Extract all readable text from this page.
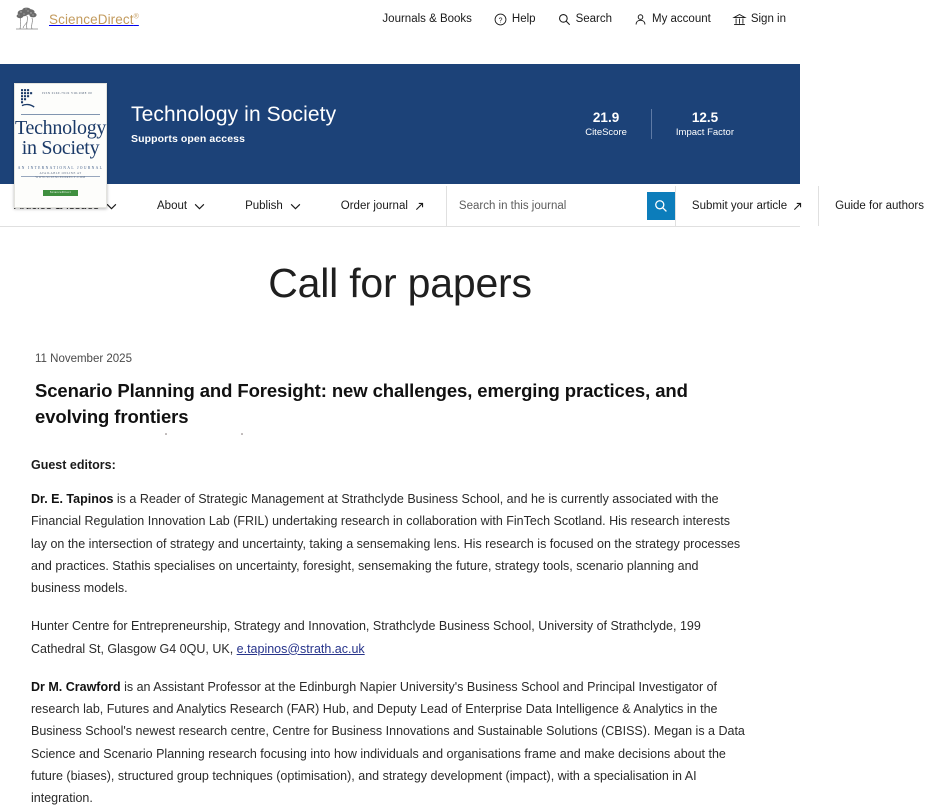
ScienceDirect®	Journals & Books	? Help	Search	My account	Sign in
ISSN 0160-791X VOLUME 00
Technology
in Society
AN INTERNATIONAL JOURNAL
AVAILABLE ONLINE AT WWW.SCIENCEDIRECT.COM
ScienceDirect
Technology in Society
Supports open access
21.9
CiteScore
12.5
Impact Factor
About	Publish	Order journal
Search in this journal	Submit your article	Guide for authors
Call for papers
11 November 2025
Scenario Planning and Foresight: new challenges, emerging practices, and evolving frontiers
Guest editors:

Dr. E. Tapinos is a Reader of Strategic Management at Strathclyde Business School, and he is currently associated with the Financial Regulation Innovation Lab (FRIL) undertaking research in collaboration with FinTech Scotland. His research interests lay on the intersection of strategy and uncertainty, taking a sensemaking lens. His research is focused on the strategy processes and practices. Stathis specialises on uncertainty, foresight, sensemaking the future, strategy tools, scenario planning and business models.

Hunter Centre for Entrepreneurship, Strategy and Innovation, Strathclyde Business School, University of Strathclyde, 199 Cathedral St, Glasgow G4 0QU, UK, e.tapinos@strath.ac.uk

Dr M. Crawford is an Assistant Professor at the Edinburgh Napier University's Business School and Principal Investigator of research lab, Futures and Analytics Research (FAR) Hub, and Deputy Lead of Enterprise Data Intelligence & Analytics in the Business School's newest research centre, Centre for Business Innovations and Sustainable Solutions (CBISS). Megan is a Data Science and Scenario Planning research focusing into how individuals and organisations frame and make decisions about the future (biases), structured group techniques (optimisation), and strategy development (impact), with a specialisation in AI integration.
